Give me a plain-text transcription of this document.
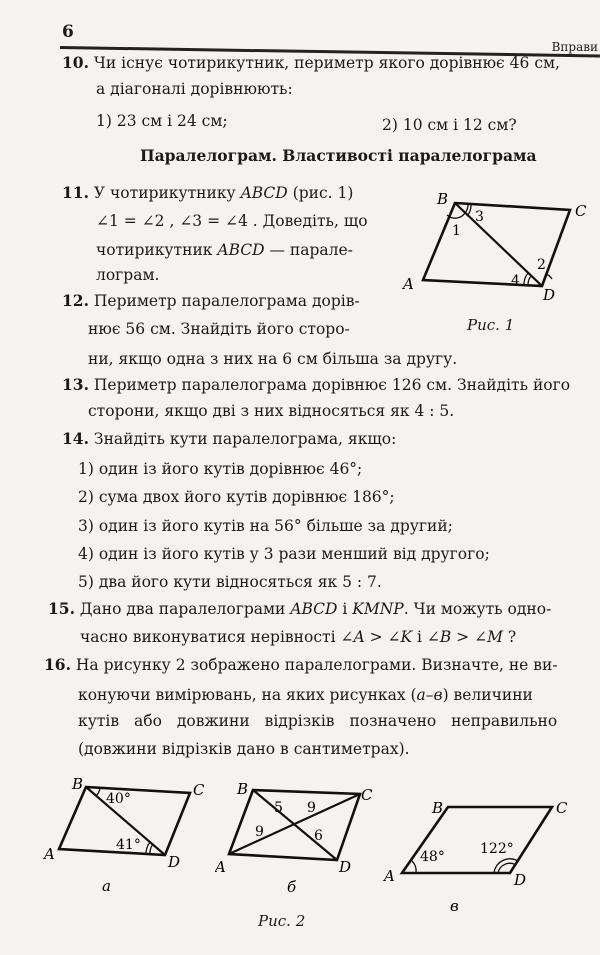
6
Вправи
10. Чи існує чотирикутник, периметр якого дорівнює 46 см,
а діагоналі дорівнюють:
1) 23 см і 24 см;	2) 10 см і 12 см?
Паралелограм. Властивості паралелограма
11. У чотирикутнику ABCD (рис. 1)
∠1 = ∠2 , ∠3 = ∠4 . Доведіть, що
чотирикутник ABCD — парале-
лограм.
B
C
A
D
1
2
3
4
Рис. 1
12. Периметр паралелограма дорів-
нює 56 см. Знайдіть його сторо-
ни, якщо одна з них на 6 см більша за другу.
13. Периметр паралелограма дорівнює 126 см. Знайдіть його
сторони, якщо дві з них відносяться як 4 : 5.
14. Знайдіть кути паралелограма, якщо:
1) один із його кутів дорівнює 46°;
2) сума двох його кутів дорівнює 186°;
3) один із його кутів на 56° більше за другий;
4) один із його кутів у 3 рази менший від другого;
5) два його кути відносяться як 5 : 7.
15. Дано два паралелограми ABCD і KMNP. Чи можуть одно-
часно виконуватися нерівності ∠A > ∠K і ∠B > ∠M ?
16. На рисунку 2 зображено паралелограми. Визначте, не ви-
конуючи вимірювань, на яких рисунках (а–в) величини
кутів або довжини відрізків позначено неправильно
(довжини відрізків дано в сантиметрах).
B	C
A	D
40°
41°
а
B	C
A	D
5 9
9	6
б
B	C
A	D
48°	122°
в
Рис. 2
